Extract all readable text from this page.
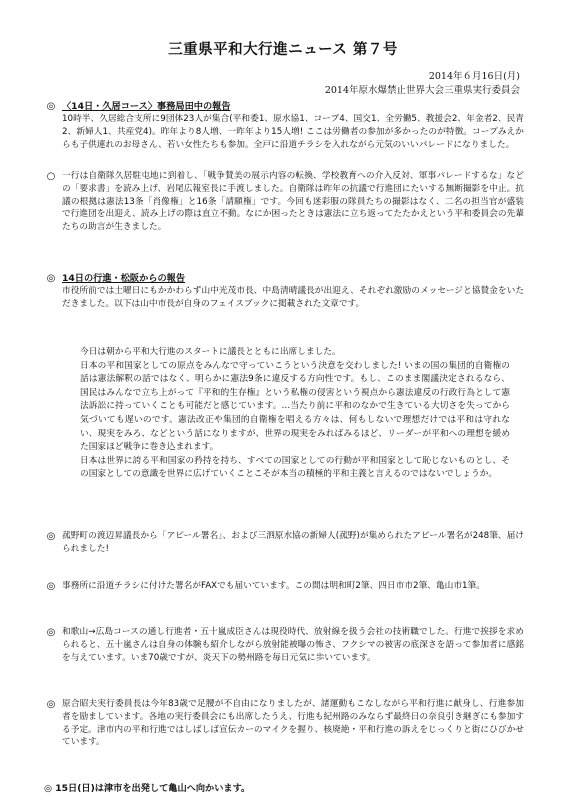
三重県平和大行進ニュース 第７号
2014年６月16日(月)
2014年原水爆禁止世界大会三重県実行委員会
◎ 〈14日・久居コース〉事務局田中の報告
10時半、久居総合支所に9団体23人が集合(平和委1、原水協1、コープ4、国交1、全労働5、教援会2、年金者2、民青2、新婦人1、共産党4)。昨年より8人増、一昨年より15人増! ここは労働者の参加が多かったのが特徴。コープみえからも子供連れのお母さん、若い女性たちも参加。全戸に沿道チラシを入れながら元気のいいパレードになりました。
○ 一行は自衛隊久居駐屯地に到着し、「戦争賛美の展示内容の転換、学校教育への介入反対、軍事パレードするな」などの「要求書」を読み上げ、岩尾広報室長に手渡しました。自衛隊は昨年の抗議で行進団にたいする無断撮影を中止。抗議の根拠は憲法13条「肖像権」と16条「請願権」です。今回も迷彩服の隊員たちの撮影はなく、二名の担当官が盛装で行進団を出迎え、読み上げの際は直立不動。なにか困ったときは憲法に立ち返ってたたかえという平和委員会の先輩たちの助言が生きました。
◎ 14日の行進・松阪からの報告
市役所前では土曜日にもかかわらず山中光茂市長、中島清晴議長が出迎え、それぞれ激励のメッセージと協賛金をいただきました。以下は山中市長が自身のフェイスブックに掲載された文章です。
今日は朝から平和大行進のスタートに議長とともに出席しました。
日本の平和国家としての原点をみんなで守っていこうという決意を交わしました! いまの国の集団的自衛権の話は憲法解釈の話ではなく、明らかに憲法9条に違反する方向性です。もし、このまま閣議決定されるなら、国民はみんなで立ち上がって『平和的生存権』という私権の侵害という視点から憲法違反の行政行為として憲法訴訟に持っていくことも可能だと感じています。…当たり前に平和のなかで生きている大切さを失ってから気づいても遅いのです。憲法改正や集団的自衛権を唱える方々は、何もしないで理想だけでは平和は守れない、現実をみろ、などという話になりますが、世界の現実をみればみるほど、リーダーが平和への理想を緩めた国家ほど戦争に巻き込まれます。
日本は世界に誇る平和国家の矜持を持ち、すべての国家としての行動が平和国家として恥じないものとし、その国家としての意識を世界に広げていくことこそが本当の積極的平和主義と言えるのではないでしょうか。
◎ 菰野町の渡辺昇議長から「アピール署名」、および三泗原水協の新婦人(菰野)が集められたアピール署名が248筆、届けられました!
◎ 事務所に沿道チラシに付けた署名がFAXでも届いています。この間は明和町2筆、四日市市2筆、亀山市1筆。
◎ 和歌山→広島コースの通し行進者・五十嵐成臣さんは現役時代、放射線を扱う会社の技術職でした。行進で挨拶を求められると、五十嵐さんは自身の体験も紹介しながら放射能被曝の怖さ、フクシマの被害の底深さを語って参加者に感銘を与えています。いま70歳ですが、炎天下の勢州路を毎日元気に歩いています。
◎ 原合昭夫実行委員長は今年83歳で足腰が不自由になりましたが、諸運動もこなしながら平和行進に献身し、行進参加者を励ましています。各地の実行委員会にも出席したうえ、行進も紀州路のみならず最終日の奈良引き継ぎにも参加する予定。津市内の平和行進ではしばしば宣伝カーのマイクを握り、核廃絶・平和行進の訴えをじっくりと街にひびかせています。
◎ 15日(日)は津市を出発して亀山へ向かいます。
